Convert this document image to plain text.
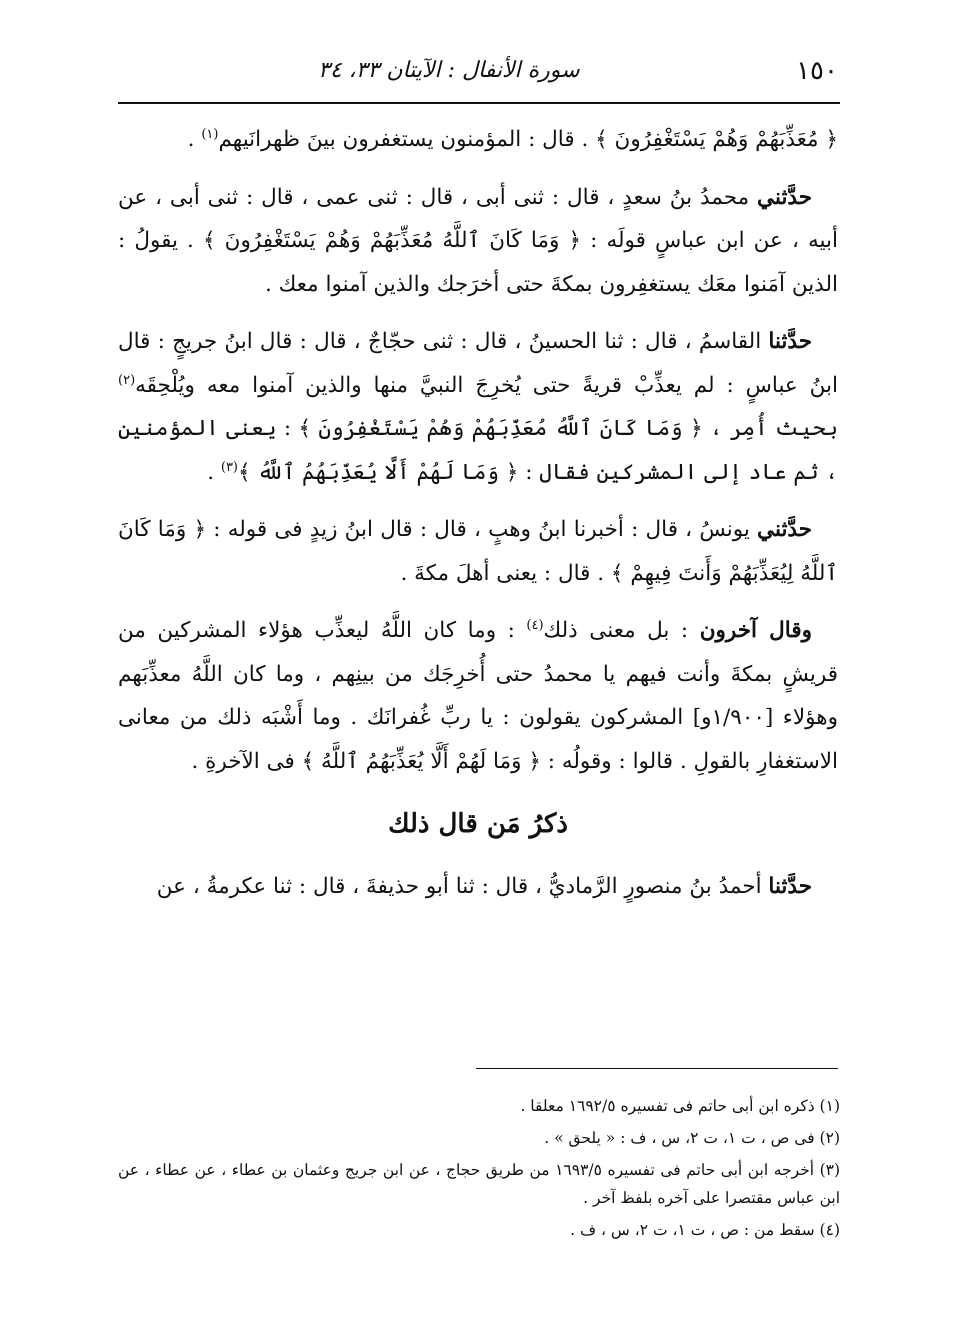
١٥٠
سورة الأنفال : الآيتان ٣٣، ٣٤

﴿ مُعَذِّبَهُمْ وَهُمْ يَسْتَغْفِرُونَ ﴾ . قال : المؤمنون يستغفرون بينَ ظهرانَيهم$^{(١)}$ .

حدَّثني محمدُ بنُ سعدٍ ، قال : ثنى أبى ، قال : ثنى عمى ، قال : ثنى أبى ، عن أبيه ، عن ابن عباسٍ قولَه : ﴿ وَمَا كَانَ ٱللَّهُ مُعَذِّبَهُمْ وَهُمْ يَسْتَغْفِرُونَ ﴾ . يقولُ : الذين آمَنوا معَك يستغفِرون بمكةَ حتى أخرَجك والذين آمنوا معك .

حدَّثنا القاسمُ ، قال : ثنا الحسينُ ، قال : ثنى حجّاجٌ ، قال : قال ابنُ جريجٍ : قال ابنُ عباسٍ : لم يعذِّبْ قريةً حتى يُخرِجَ النبيَّ منها والذين آمنوا معه ويُلْحِقَه$^{(٢)}$ بحيث أُمِر ، ﴿ وَمَا كَانَ ٱللَّهُ مُعَذِّبَهُمْ وَهُمْ يَسْتَغْفِرُونَ ﴾ : يعنى المؤمنين ، ثم عاد إلى المشركين فقال : ﴿ وَمَا لَهُمْ أَلَّا يُعَذِّبَهُمُ ٱللَّهُ ﴾$^{(٣)}$ .

حدَّثني يونسُ ، قال : أخبرنا ابنُ وهبٍ ، قال : قال ابنُ زيدٍ فى قوله : ﴿ وَمَا كَانَ ٱللَّهُ لِيُعَذِّبَهُمْ وَأَنتَ فِيهِمْ ﴾ . قال : يعنى أهلَ مكةَ .

وقال آخرون : بل معنى ذلك$^{(٤)}$ : وما كان اللَّهُ ليعذِّب هؤلاء المشركين من قريشٍ بمكةَ وأنت فيهم يا محمدُ حتى أُخرِجَك من بينِهم ، وما كان اللَّهُ معذِّبَهم وهؤلاء [١/٩٠٠و] المشركون يقولون : يا ربِّ غُفرانَك . وما أَشْبَه ذلك من معانى الاستغفارِ بالقولِ . قالوا : وقولُه : ﴿ وَمَا لَهُمْ أَلَّا يُعَذِّبَهُمُ ٱللَّهُ ﴾ فى الآخرةِ .

ذكرُ مَن قال ذلك

حدَّثنا أحمدُ بنُ منصورٍ الرَّماديُّ ، قال : ثنا أبو حذيفةَ ، قال : ثنا عكرمةُ ، عن

(١) ذكره ابن أبى حاتم فى تفسيره ١٦٩٢/٥ معلقا .

(٢) فى ص ، ت ١، ت ٢، س ، ف : « يلحق » .

(٣) أخرجه ابن أبى حاتم فى تفسيره ١٦٩٣/٥ من طريق حجاج ، عن ابن جريج وعثمان بن عطاء ، عن عطاء ، عن ابن عباس مقتصرا على آخره بلفظ آخر .

(٤) سقط من : ص ، ت ١، ت ٢، س ، ف .
